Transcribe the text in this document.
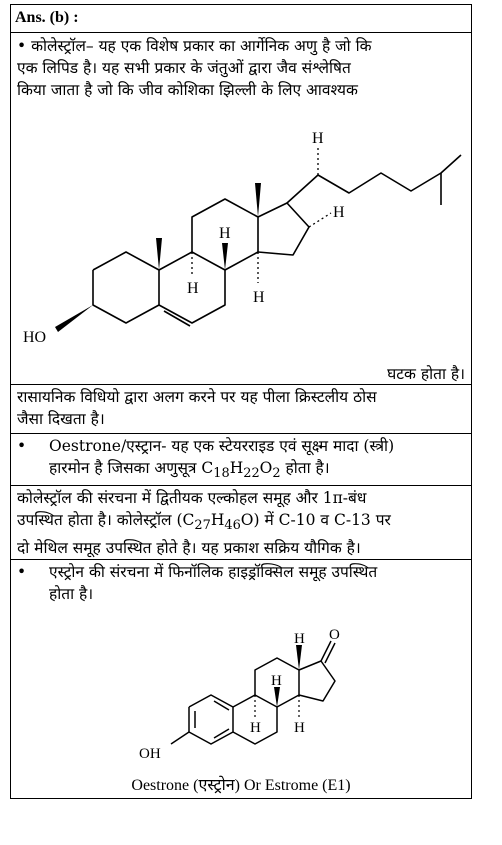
Ans. (b) :
• कोलेस्ट्रॉल– यह एक विशेष प्रकार का आर्गेनिक अणु है जो कि
एक लिपिड है। यह सभी प्रकार के जंतुओं द्वारा जैव संश्लेषित
किया जाता है जो कि जीव कोशिका झिल्ली के लिए आवश्यक
H
H
H
H
H
HO
घटक होता है।
रासायनिक विधियो द्वारा अलग करने पर यह पीला क्रिस्टलीय ठोस
जैसा दिखता है।
•	Oestrone/एस्ट्रान- यह एक स्टेयरराइड एवं सूक्ष्म मादा (स्त्री)
हारमोन है जिसका अणुसूत्र $C_{18}H_{22}O_2$ होता है।
कोलेस्ट्रॉल की संरचना में द्वितीयक एल्कोहल समूह और 1π-बंध
उपस्थित होता है। कोलेस्ट्रॉल $(C_{27}H_{46}O)$ में C-10 व C-13 पर
दो मेथिल समूह उपस्थित होते है। यह प्रकाश सक्रिय यौगिक है।
•	एस्ट्रोन की संरचना में फिनॉलिक हाइड्रॉक्सिल समूह उपस्थित
होता है।
O
H
H
H H
OH
Oestrone (एस्ट्रोन) Or Estrome (E1)
